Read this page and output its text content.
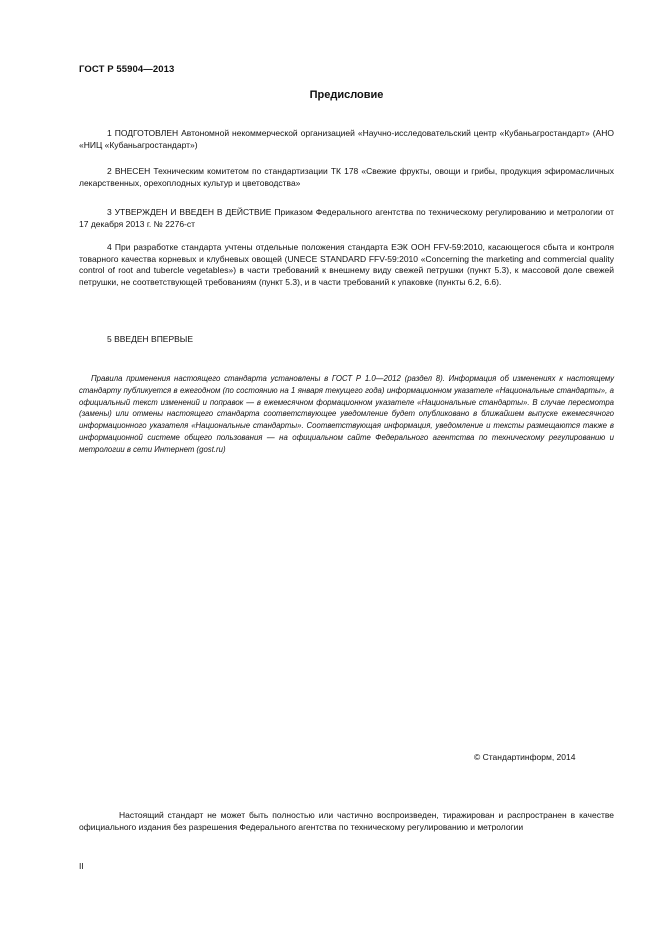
ГОСТ Р 55904—2013
Предисловие

1 ПОДГОТОВЛЕН Автономной некоммерческой организацией «Научно-исследовательский центр «Кубаньагростандарт» (АНО «НИЦ «Кубаньагростандарт»)

2 ВНЕСЕН Техническим комитетом по стандартизации ТК 178 «Свежие фрукты, овощи и грибы, продукция эфиромасличных лекарственных, орехоплодных культур и цветоводства»

3 УТВЕРЖДЕН И ВВЕДЕН В ДЕЙСТВИЕ Приказом Федерального агентства по техническому регулированию и метрологии от 17 декабря 2013 г. № 2276-ст

4 При разработке стандарта учтены отдельные положения стандарта ЕЭК ООН FFV-59:2010, касающегося сбыта и контроля товарного качества корневых и клубневых овощей (UNECE STANDARD FFV-59:2010 «Concerning the marketing and commercial quality control of root and tubercle vegetables») в части требований к внешнему виду свежей петрушки (пункт 5.3), к массовой доле свежей петрушки, не соответствующей требованиям (пункт 5.3), и в части требований к упаковке (пункты 6.2, 6.6).

5 ВВЕДЕН ВПЕРВЫЕ

Правила применения настоящего стандарта установлены в ГОСТ Р 1.0—2012 (раздел 8). Информация об изменениях к настоящему стандарту публикуется в ежегодном (по состоянию на 1 января текущего года) информационном указателе «Национальные стандарты», а официальный текст изменений и поправок — в ежемесячном формационном указателе «Национальные стандарты». В случае пересмотра (замены) или отмены настоящего стандарта соответствующее уведомление будет опубликовано в ближайшем выпуске ежемесячного информационного указателя «Национальные стандарты». Соответствующая информация, уведомление и тексты размещаются также в информационной системе общего пользования — на официальном сайте Федерального агентства по техническому регулированию и метрологии в сети Интернет (gost.ru)

© Стандартинформ, 2014

Настоящий стандарт не может быть полностью или частично воспроизведен, тиражирован и распространен в качестве официального издания без разрешения Федерального агентства по техническому регулированию и метрологии

II
